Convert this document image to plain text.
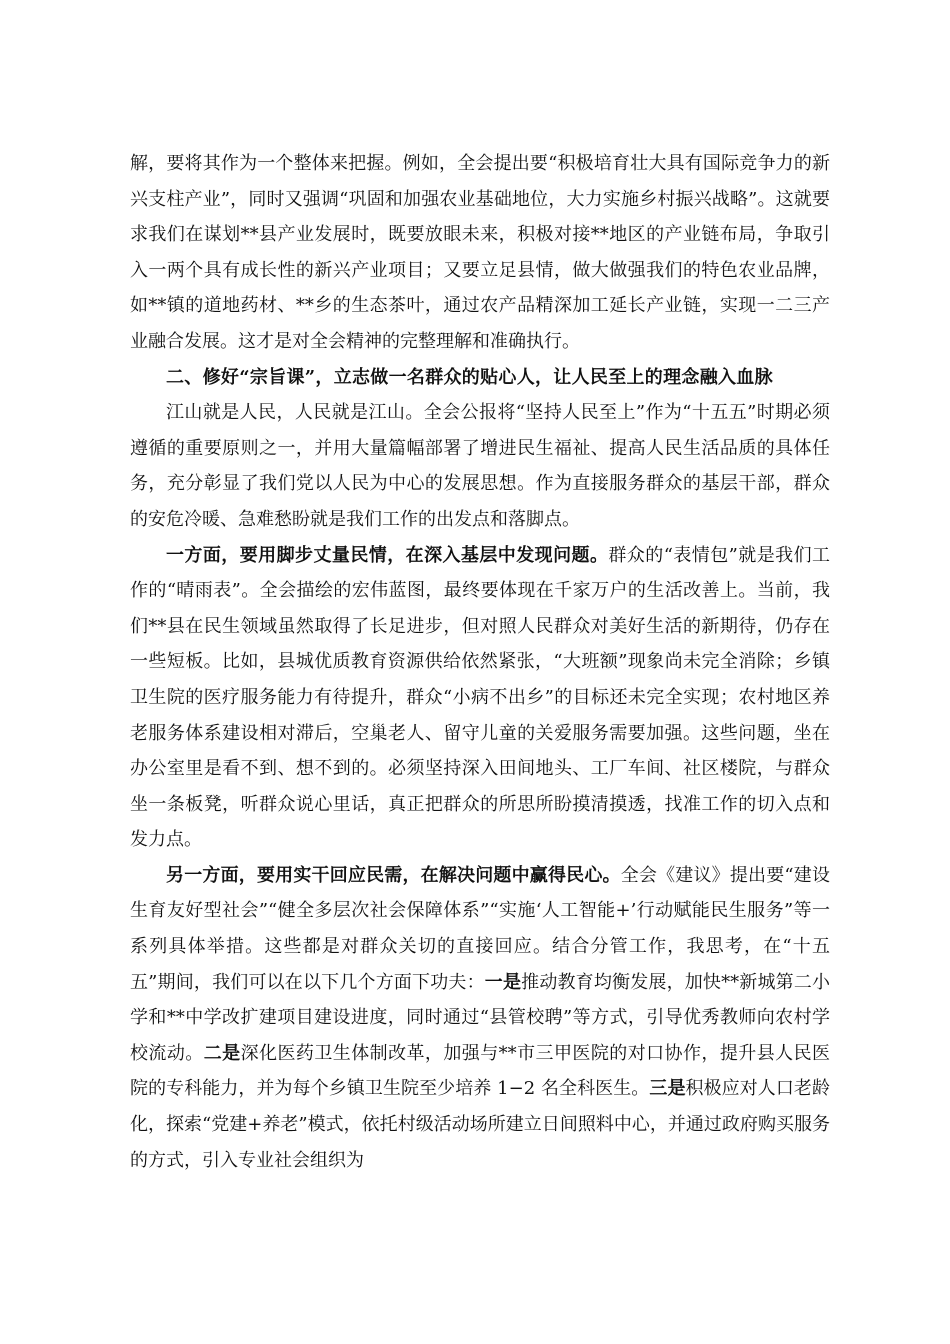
解，要将其作为一个整体来把握。例如，全会提出要“积极培育壮大具有国际竞争力的新兴支柱产业”，同时又强调“巩固和加强农业基础地位，大力实施乡村振兴战略”。这就要求我们在谋划**县产业发展时，既要放眼未来，积极对接**地区的产业链布局，争取引入一两个具有成长性的新兴产业项目；又要立足县情，做大做强我们的特色农业品牌，如**镇的道地药材、**乡的生态茶叶，通过农产品精深加工延长产业链，实现一二三产业融合发展。这才是对全会精神的完整理解和准确执行。

二、修好“宗旨课”，立志做一名群众的贴心人，让人民至上的理念融入血脉

江山就是人民，人民就是江山。全会公报将“坚持人民至上”作为“十五五”时期必须遵循的重要原则之一，并用大量篇幅部署了增进民生福祉、提高人民生活品质的具体任务，充分彰显了我们党以人民为中心的发展思想。作为直接服务群众的基层干部，群众的安危冷暖、急难愁盼就是我们工作的出发点和落脚点。

一方面，要用脚步丈量民情，在深入基层中发现问题。群众的“表情包”就是我们工作的“晴雨表”。全会描绘的宏伟蓝图，最终要体现在千家万户的生活改善上。当前，我们**县在民生领域虽然取得了长足进步，但对照人民群众对美好生活的新期待，仍存在一些短板。比如，县城优质教育资源供给依然紧张，“大班额”现象尚未完全消除；乡镇卫生院的医疗服务能力有待提升，群众“小病不出乡”的目标还未完全实现；农村地区养老服务体系建设相对滞后，空巢老人、留守儿童的关爱服务需要加强。这些问题，坐在办公室里是看不到、想不到的。必须坚持深入田间地头、工厂车间、社区楼院，与群众坐一条板凳，听群众说心里话，真正把群众的所思所盼摸清摸透，找准工作的切入点和发力点。

另一方面，要用实干回应民需，在解决问题中赢得民心。全会《建议》提出要“建设生育友好型社会”“健全多层次社会保障体系”“实施‘人工智能+’行动赋能民生服务”等一系列具体举措。这些都是对群众关切的直接回应。结合分管工作，我思考，在“十五五”期间，我们可以在以下几个方面下功夫：一是推动教育均衡发展，加快**新城第二小学和**中学改扩建项目建设进度，同时通过“县管校聘”等方式，引导优秀教师向农村学校流动。二是深化医药卫生体制改革，加强与**市三甲医院的对口协作，提升县人民医院的专科能力，并为每个乡镇卫生院至少培养 1−2 名全科医生。三是积极应对人口老龄化，探索“党建+养老”模式，依托村级活动场所建立日间照料中心，并通过政府购买服务的方式，引入专业社会组织为
